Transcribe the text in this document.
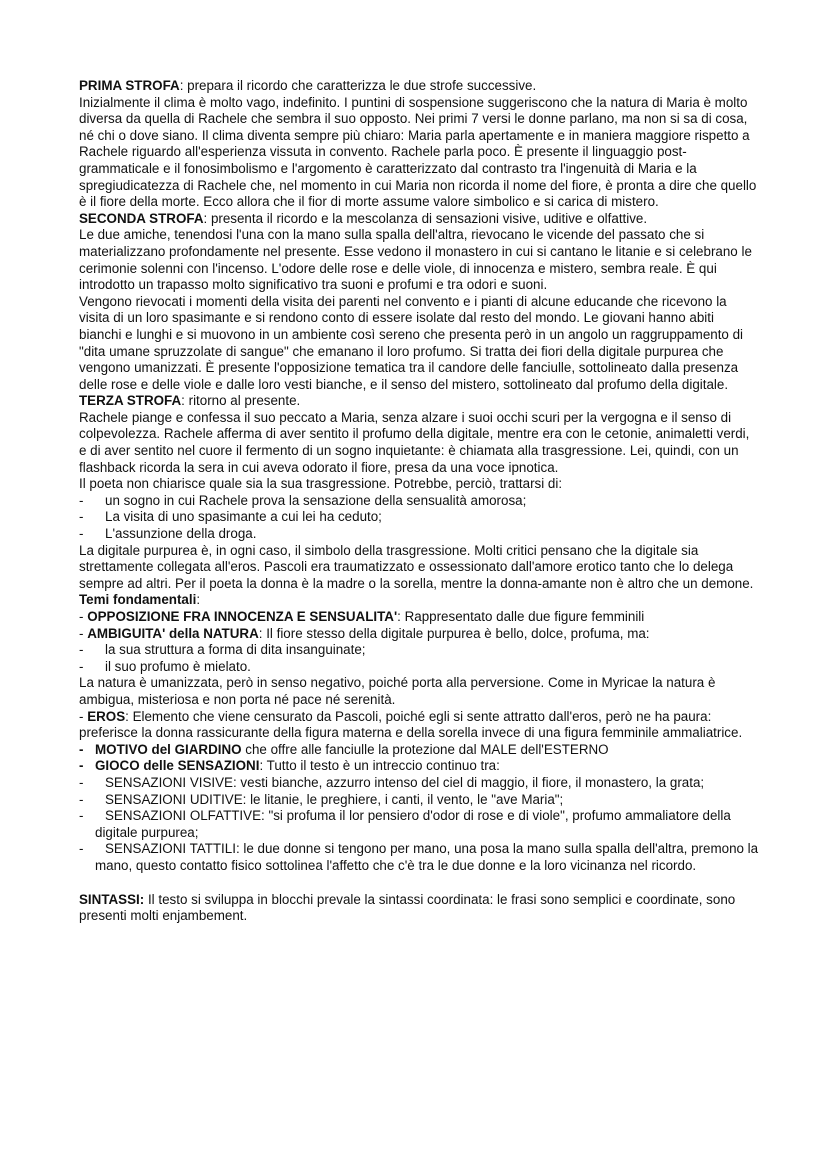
PRIMA STROFA: prepara il ricordo che caratterizza le due strofe successive.

Inizialmente il clima è molto vago, indefinito. I puntini di sospensione suggeriscono che la natura di Maria è molto diversa da quella di Rachele che sembra il suo opposto. Nei primi 7 versi le donne parlano, ma non si sa di cosa, né chi o dove siano. Il clima diventa sempre più chiaro: Maria parla apertamente e in maniera maggiore rispetto a Rachele riguardo all'esperienza vissuta in convento. Rachele parla poco. È presente il linguaggio post-grammaticale e il fonosimbolismo e l'argomento è caratterizzato dal contrasto tra l'ingenuità di Maria e la spregiudicatezza di Rachele che, nel momento in cui Maria non ricorda il nome del fiore, è pronta a dire che quello è il fiore della morte. Ecco allora che il fior di morte assume valore simbolico e si carica di mistero.

SECONDA STROFA: presenta il ricordo e la mescolanza di sensazioni visive, uditive e olfattive.

Le due amiche, tenendosi l'una con la mano sulla spalla dell'altra, rievocano le vicende del passato che si materializzano profondamente nel presente. Esse vedono il monastero in cui si cantano le litanie e si celebrano le cerimonie solenni con l'incenso. L'odore delle rose e delle viole, di innocenza e mistero, sembra reale. È qui introdotto un trapasso molto significativo tra suoni e profumi e tra odori e suoni.

Vengono rievocati i momenti della visita dei parenti nel convento e i pianti di alcune educande che ricevono la visita di un loro spasimante e si rendono conto di essere isolate dal resto del mondo. Le giovani hanno abiti bianchi e lunghi e si muovono in un ambiente così sereno che presenta però in un angolo un raggruppamento di "dita umane spruzzolate di sangue" che emanano il loro profumo. Si tratta dei fiori della digitale purpurea che vengono umanizzati. È presente l'opposizione tematica tra il candore delle fanciulle, sottolineato dalla presenza delle rose e delle viole e dalle loro vesti bianche, e il senso del mistero, sottolineato dal profumo della digitale.

TERZA STROFA: ritorno al presente.

Rachele piange e confessa il suo peccato a Maria, senza alzare i suoi occhi scuri per la vergogna e il senso di colpevolezza. Rachele afferma di aver sentito il profumo della digitale, mentre era con le cetonie, animaletti verdi, e di aver sentito nel cuore il fermento di un sogno inquietante: è chiamata alla trasgressione. Lei, quindi, con un flashback ricorda la sera in cui aveva odorato il fiore, presa da una voce ipnotica.

Il poeta non chiarisce quale sia la sua trasgressione. Potrebbe, perciò, trattarsi di:

- un sogno in cui Rachele prova la sensazione della sensualità amorosa;

- La visita di uno spasimante a cui lei ha ceduto;

- L'assunzione della droga.

La digitale purpurea è, in ogni caso, il simbolo della trasgressione. Molti critici pensano che la digitale sia strettamente collegata all'eros. Pascoli era traumatizzato e ossessionato dall'amore erotico tanto che lo delega sempre ad altri. Per il poeta la donna è la madre o la sorella, mentre la donna-amante non è altro che un demone.

Temi fondamentali:

- OPPOSIZIONE FRA INNOCENZA E SENSUALITA': Rappresentato dalle due figure femminili

- AMBIGUITA' della NATURA: Il fiore stesso della digitale purpurea è bello, dolce, profuma, ma:

- la sua struttura a forma di dita insanguinate;

- il suo profumo è mielato.

La natura è umanizzata, però in senso negativo, poiché porta alla perversione. Come in Myricae la natura è ambigua, misteriosa e non porta né pace né serenità.

- EROS: Elemento che viene censurato da Pascoli, poiché egli si sente attratto dall'eros, però ne ha paura: preferisce la donna rassicurante della figura materna e della sorella invece di una figura femminile ammaliatrice.

- MOTIVO del GIARDINO che offre alle fanciulle la protezione dal MALE dell'ESTERNO

- GIOCO delle SENSAZIONI: Tutto il testo è un intreccio continuo tra:

- SENSAZIONI VISIVE: vesti bianche, azzurro intenso del ciel di maggio, il fiore, il monastero, la grata;

- SENSAZIONI UDITIVE: le litanie, le preghiere, i canti, il vento, le "ave Maria";

- SENSAZIONI OLFATTIVE: "si profuma il lor pensiero d'odor di rose e di viole", profumo ammaliatore della digitale purpurea;

- SENSAZIONI TATTILI: le due donne si tengono per mano, una posa la mano sulla spalla dell'altra, premono la mano, questo contatto fisico sottolinea l'affetto che c'è tra le due donne e la loro vicinanza nel ricordo.

SINTASSI: Il testo si sviluppa in blocchi prevale la sintassi coordinata: le frasi sono semplici e coordinate, sono presenti molti enjambement.
